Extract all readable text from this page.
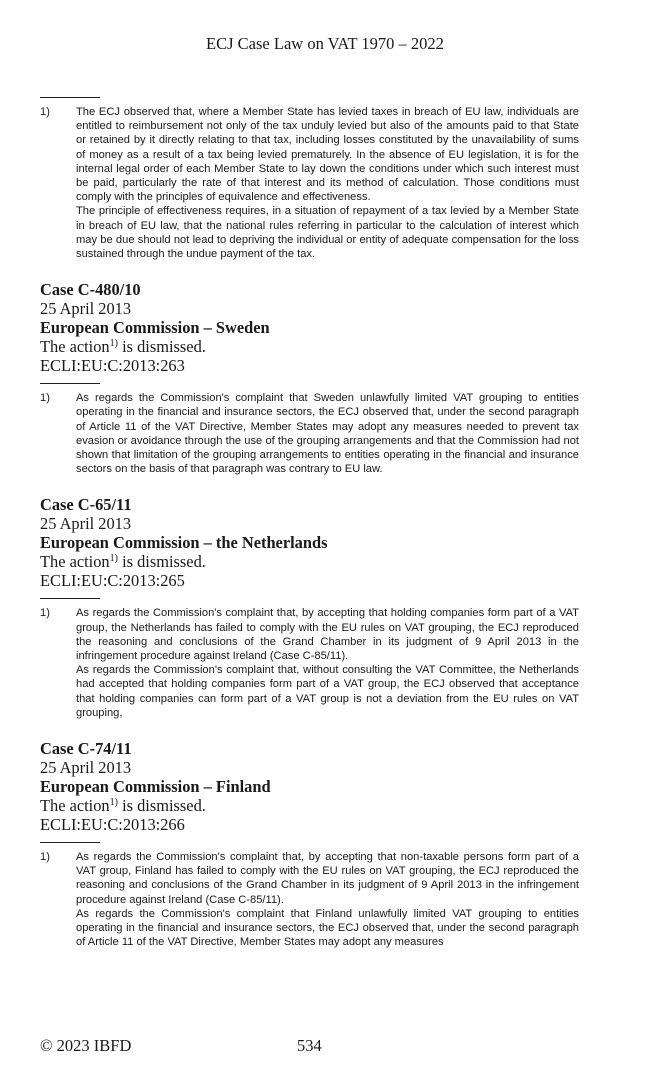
ECJ Case Law on VAT 1970 – 2022
1)	The ECJ observed that, where a Member State has levied taxes in breach of EU law, individuals are entitled to reimbursement not only of the tax unduly levied but also of the amounts paid to that State or retained by it directly relating to that tax, including losses constituted by the unavailability of sums of money as a result of a tax being levied prematurely. In the absence of EU legislation, it is for the internal legal order of each Member State to lay down the conditions under which such interest must be paid, particularly the rate of that interest and its method of calculation. Those conditions must comply with the principles of equivalence and effectiveness.

The principle of effectiveness requires, in a situation of repayment of a tax levied by a Member State in breach of EU law, that the national rules referring in particular to the calculation of interest which may be due should not lead to depriving the individual or entity of adequate compensation for the loss sustained through the undue payment of the tax.

Case C-480/10
25 April 2013
European Commission – Sweden
The action$^{1)}$ is dismissed.
ECLI:EU:C:2013:263
1)	As regards the Commission's complaint that Sweden unlawfully limited VAT grouping to entities operating in the financial and insurance sectors, the ECJ observed that, under the second paragraph of Article 11 of the VAT Directive, Member States may adopt any measures needed to prevent tax evasion or avoidance through the use of the grouping arrangements and that the Commission had not shown that limitation of the grouping arrangements to entities operating in the financial and insurance sectors on the basis of that paragraph was contrary to EU law.

Case C-65/11
25 April 2013
European Commission – the Netherlands
The action$^{1)}$ is dismissed.
ECLI:EU:C:2013:265
1)	As regards the Commission's complaint that, by accepting that holding companies form part of a VAT group, the Netherlands has failed to comply with the EU rules on VAT grouping, the ECJ reproduced the reasoning and conclusions of the Grand Chamber in its judgment of 9 April 2013 in the infringement procedure against Ireland (Case C-85/11).

As regards the Commission's complaint that, without consulting the VAT Committee, the Netherlands had accepted that holding companies form part of a VAT group, the ECJ observed that acceptance that holding companies can form part of a VAT group is not a deviation from the EU rules on VAT grouping,

Case C-74/11
25 April 2013
European Commission – Finland
The action$^{1)}$ is dismissed.
ECLI:EU:C:2013:266
1)	As regards the Commission's complaint that, by accepting that non-taxable persons form part of a VAT group, Finland has failed to comply with the EU rules on VAT grouping, the ECJ reproduced the reasoning and conclusions of the Grand Chamber in its judgment of 9 April 2013 in the infringement procedure against Ireland (Case C-85/11).

As regards the Commission's complaint that Finland unlawfully limited VAT grouping to entities operating in the financial and insurance sectors, the ECJ observed that, under the second paragraph of Article 11 of the VAT Directive, Member States may adopt any measures

© 2023 IBFD	534
